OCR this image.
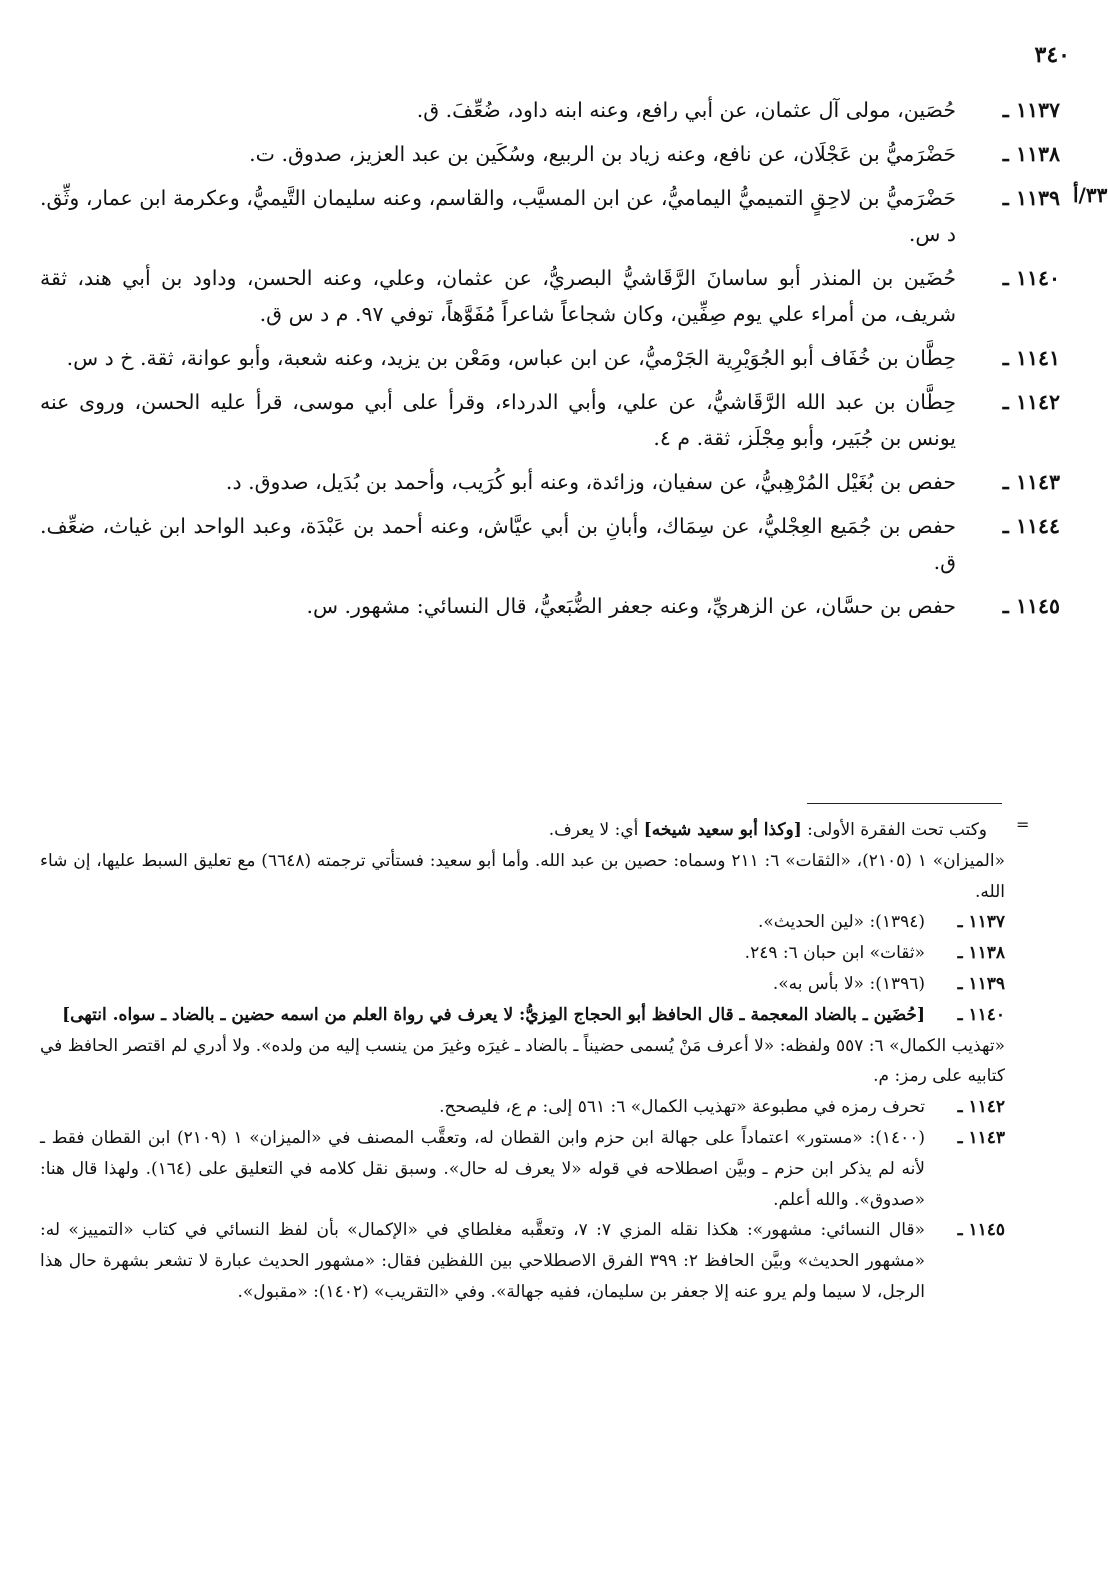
٣٤٠
٣٣/أ
١١٣٧ ـ
حُصَين، مولى آل عثمان، عن أبي رافع، وعنه ابنه داود، ضُعِّفَ. ق.
١١٣٨ ـ
حَضْرَميُّ بن عَجْلَان، عن نافع، وعنه زياد بن الربيع، وسُكَين بن عبد العزيز، صدوق. ت.
١١٣٩ ـ
حَضْرَميُّ بن لاحِقٍ التميميُّ اليماميُّ، عن ابن المسيَّب، والقاسم، وعنه سليمان التَّيميُّ، وعكرمة ابن عمار، وثِّق. د س.
١١٤٠ ـ
حُضَين بن المنذر أبو ساسانَ الرَّقَاشيُّ البصريُّ، عن عثمان، وعلي، وعنه الحسن، وداود بن أبي هند، ثقة شريف، من أمراء علي يوم صِفِّين، وكان شجاعاً شاعراً مُفَوَّهاً، توفي ٩٧. م د س ق.
١١٤١ ـ
حِطَّان بن خُفَاف أبو الجُوَيْرِية الجَرْميُّ، عن ابن عباس، ومَعْن بن يزيد، وعنه شعبة، وأبو عوانة، ثقة. خ د س.
١١٤٢ ـ
حِطَّان بن عبد الله الرَّقَاشيُّ، عن علي، وأبي الدرداء، وقرأ على أبي موسى، قرأ عليه الحسن، وروى عنه يونس بن جُبَير، وأبو مِجْلَز، ثقة. م ٤.
١١٤٣ ـ
حفص بن بُغَيْل المُرْهِبيُّ، عن سفيان، وزائدة، وعنه أبو كُرَيب، وأحمد بن بُدَيل، صدوق. د.
١١٤٤ ـ
حفص بن جُمَيع العِجْليُّ، عن سِمَاك، وأبانِ بن أبي عيَّاش، وعنه أحمد بن عَبْدَة، وعبد الواحد ابن غياث، ضعِّف. ق.
١١٤٥ ـ
حفص بن حسَّان، عن الزهريِّ، وعنه جعفر الضُّبَعيُّ، قال النسائي: مشهور. س.
=
وكتب تحت الفقرة الأولى: [وكذا أبو سعيد شيخه] أي: لا يعرف.
«الميزان» ١ (٢١٠٥)، «الثقات» ٦: ٢١١ وسماه: حصين بن عبد الله. وأما أبو سعيد: فستأتي ترجمته (٦٦٤٨) مع تعليق السبط عليها، إن شاء الله.
١١٣٧ ـ
(١٣٩٤): «لين الحديث».
١١٣٨ ـ
«ثقات» ابن حبان ٦: ٢٤٩.
١١٣٩ ـ
(١٣٩٦): «لا بأس به».
١١٤٠ ـ
[حُضَين ـ بالضاد المعجمة ـ قال الحافظ أبو الحجاج المِزيُّ: لا يعرف في رواة العلم من اسمه حضين ـ بالضاد ـ سواه. انتهى]
«تهذيب الكمال» ٦: ٥٥٧ ولفظه: «لا أعرف مَنْ يُسمى حضيناً ـ بالضاد ـ غيرَه وغيرَ من ينسب إليه من ولده». ولا أدري لم اقتصر الحافظ في كتابيه على رمز: م.
١١٤٢ ـ
تحرف رمزه في مطبوعة «تهذيب الكمال» ٦: ٥٦١ إلى: م ع، فليصحح.
١١٤٣ ـ
(١٤٠٠): «مستور» اعتماداً على جهالة ابن حزم وابن القطان له، وتعقَّب المصنف في «الميزان» ١ (٢١٠٩) ابن القطان فقط ـ لأنه لم يذكر ابن حزم ـ وبيَّن اصطلاحه في قوله «لا يعرف له حال». وسبق نقل كلامه في التعليق على (١٦٤). ولهذا قال هنا: «صدوق». والله أعلم.
١١٤٥ ـ
«قال النسائي: مشهور»: هكذا نقله المزي ٧: ٧، وتعقَّبه مغلطاي في «الإكمال» بأن لفظ النسائي في كتاب «التمييز» له: «مشهور الحديث» وبيَّن الحافظ ٢: ٣٩٩ الفرق الاصطلاحي بين اللفظين فقال: «مشهور الحديث عبارة لا تشعر بشهرة حال هذا الرجل، لا سيما ولم يرو عنه إلا جعفر بن سليمان، ففيه جهالة». وفي «التقريب» (١٤٠٢): «مقبول».
